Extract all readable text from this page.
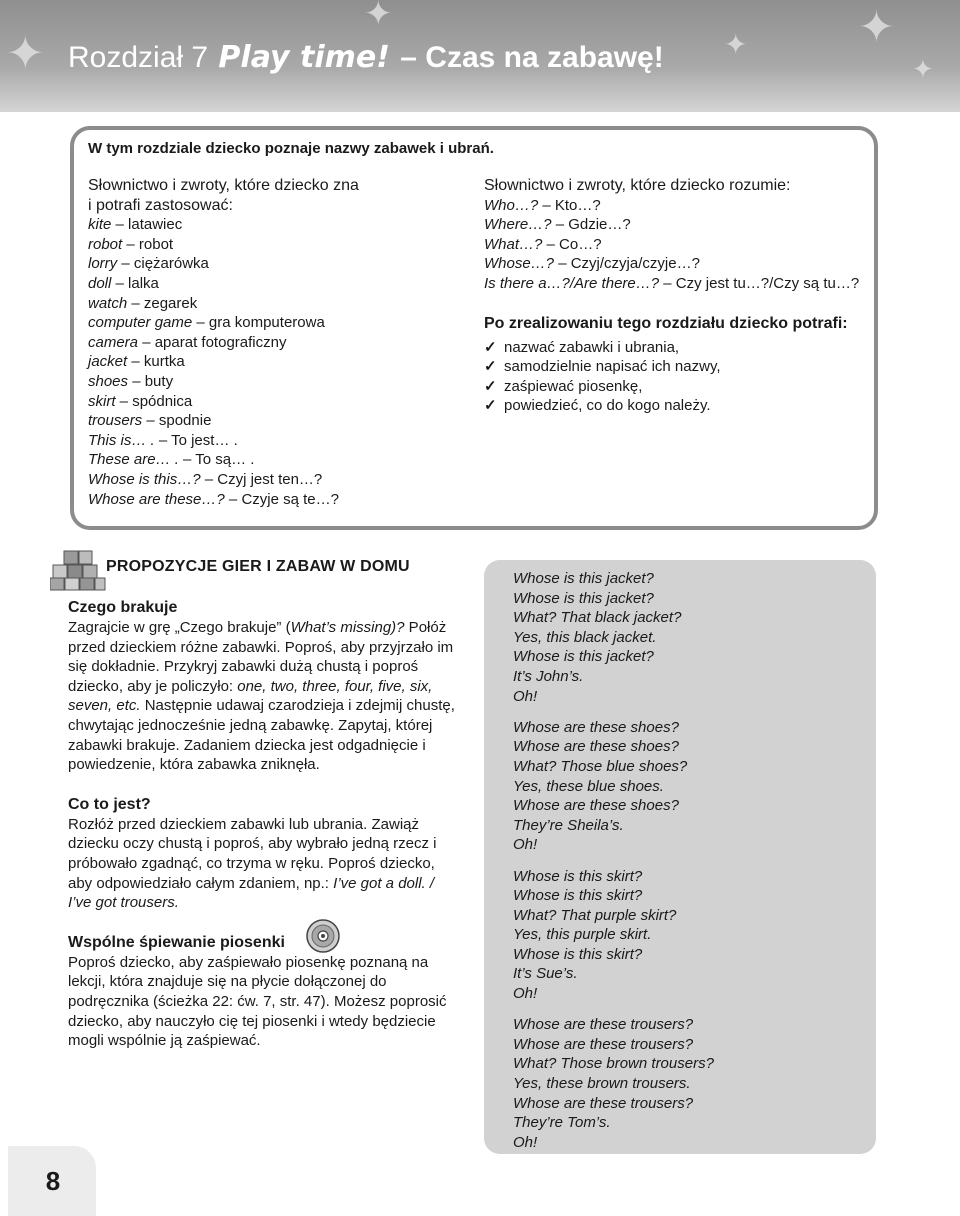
✦
✦
✦	✦
✦
Rozdział 7 Play time! – Czas na zabawę!
W tym rozdziale dziecko poznaje nazwy zabawek i ubrań.
Słownictwo i zwroty, które dziecko zna
i potrafi zastosować:
kite – latawiec
robot – robot
lorry – ciężarówka
doll – lalka
watch – zegarek
computer game – gra komputerowa
camera – aparat fotograficzny
jacket – kurtka
shoes – buty
skirt – spódnica
trousers – spodnie
This is… . – To jest… .
These are… . – To są… .
Whose is this…? – Czyj jest ten…?
Whose are these…? – Czyje są te…?
Słownictwo i zwroty, które dziecko rozumie:
Who…? – Kto…?
Where…? – Gdzie…?
What…? – Co…?
Whose…? – Czyj/czyja/czyje…?
Is there a…?/Are there…? – Czy jest tu…?/Czy są tu…?
Po zrealizowaniu tego rozdziału dziecko potrafi:
✓ nazwać zabawki i ubrania,
✓ samodzielnie napisać ich nazwy,
✓ zaśpiewać piosenkę,
✓ powiedzieć, co do kogo należy.
PROPOZYCJE GIER I ZABAW W DOMU
Czego brakuje

Zagrajcie w grę „Czego brakuje” (What’s missing)? Połóż przed dzieckiem różne zabawki. Poproś, aby przyjrzało im się dokładnie. Przykryj zabawki dużą chustą i poproś dziecko, aby je policzyło: one, two, three, four, five, six, seven, etc. Następnie udawaj czarodzieja i zdejmij chustę, chwytając jednocześnie jedną zabawkę. Zapytaj, której zabawki brakuje. Zadaniem dziecka jest odgadnięcie i powiedzenie, która zabawka zniknęła.

Co to jest?

Rozłóż przed dzieckiem zabawki lub ubrania. Zawiąż dziecku oczy chustą i poproś, aby wybrało jedną rzecz i próbowało zgadnąć, co trzyma w ręku. Poproś dziecko, aby odpowiedziało całym zdaniem, np.: I’ve got a doll. / I’ve got trousers.

Wspólne śpiewanie piosenki

Poproś dziecko, aby zaśpiewało piosenkę poznaną na lekcji, która znajduje się na płycie dołączonej do podręcznika (ścieżka 22: ćw. 7, str. 47). Możesz poprosić dziecko, aby nauczyło cię tej piosenki i wtedy będziecie mogli wspólnie ją zaśpiewać.

Whose is this jacket?
Whose is this jacket?
What? That black jacket?
Yes, this black jacket.
Whose is this jacket?
It’s John’s.
Oh!
Whose are these shoes?
Whose are these shoes?
What? Those blue shoes?
Yes, these blue shoes.
Whose are these shoes?
They’re Sheila’s.
Oh!
Whose is this skirt?
Whose is this skirt?
What? That purple skirt?
Yes, this purple skirt.
Whose is this skirt?
It’s Sue’s.
Oh!
Whose are these trousers?
Whose are these trousers?
What? Those brown trousers?
Yes, these brown trousers.
Whose are these trousers?
They’re Tom’s.
Oh!
8
